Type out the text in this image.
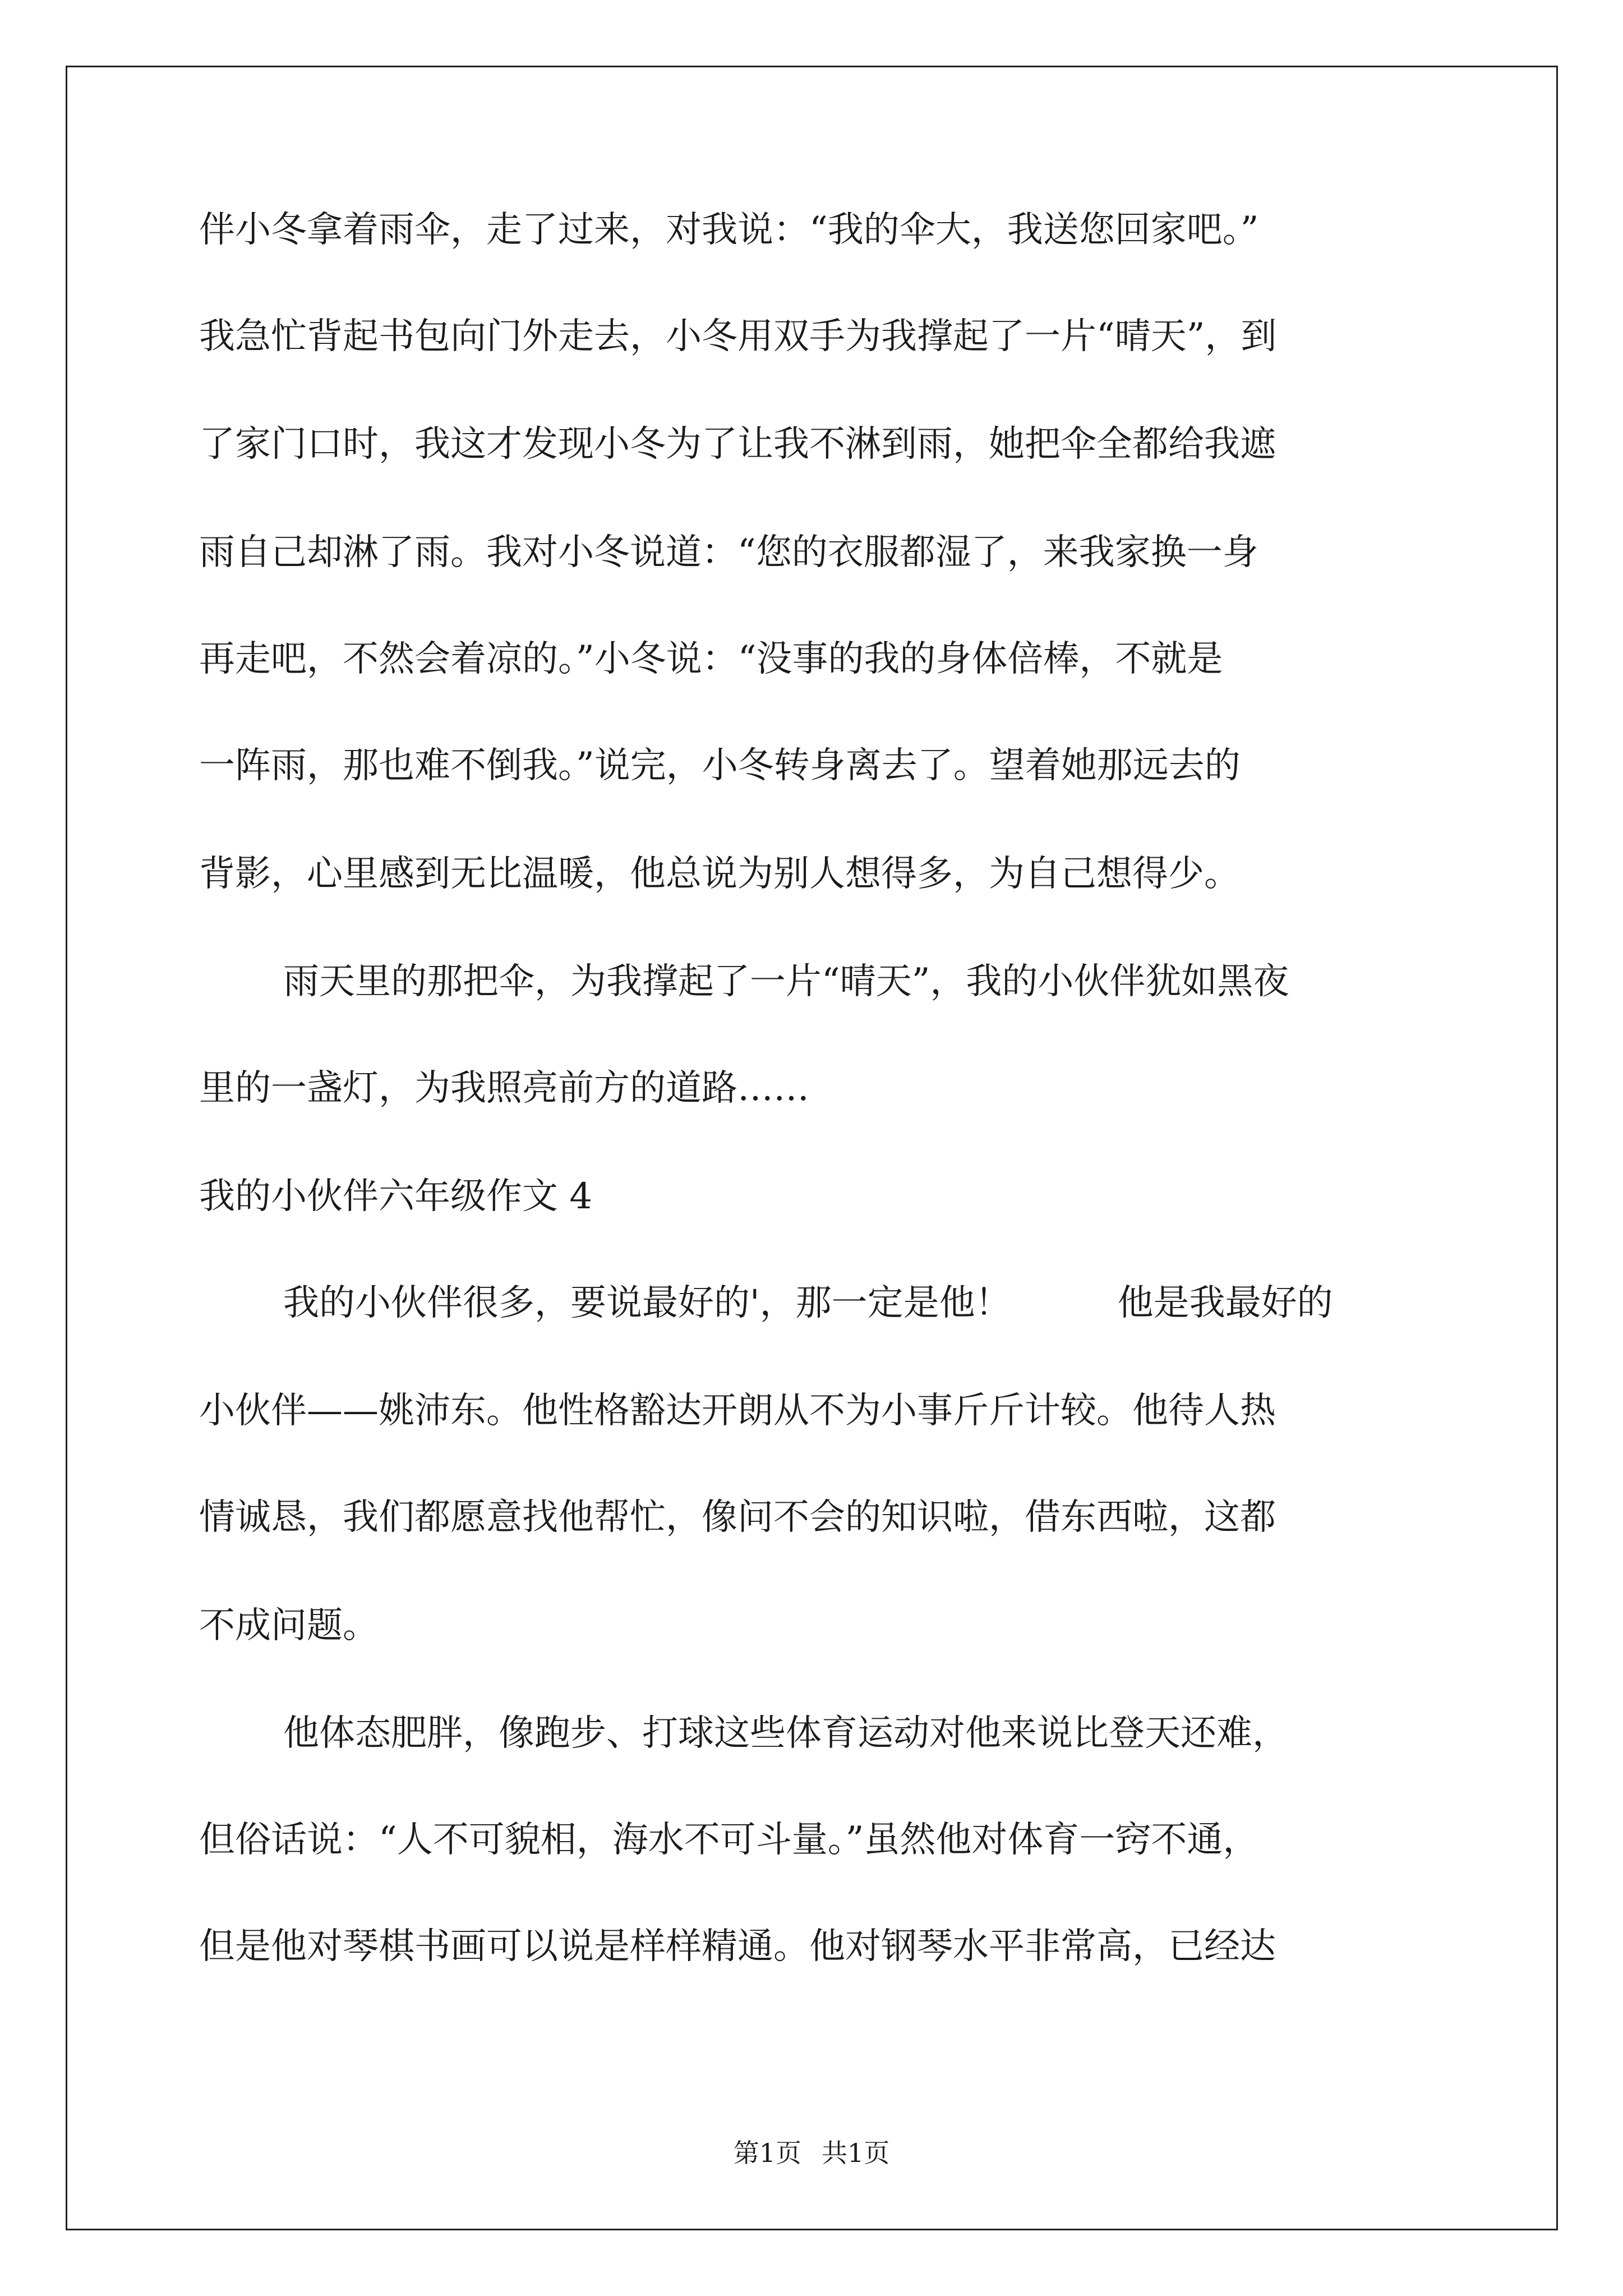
伴小冬拿着雨伞，走了过来，对我说：“我的伞大，我送您回家吧。”
我急忙背起书包向门外走去，小冬用双手为我撑起了一片“晴天”，到
了家门口时，我这才发现小冬为了让我不淋到雨，她把伞全都给我遮
雨自己却淋了雨。我对小冬说道：“您的衣服都湿了，来我家换一身
再走吧，不然会着凉的。”小冬说：“没事的我的身体倍棒，不就是
一阵雨，那也难不倒我。”说完，小冬转身离去了。望着她那远去的
背影，心里感到无比温暖，他总说为别人想得多，为自己想得少。
雨天里的那把伞，为我撑起了一片“晴天”，我的小伙伴犹如黑夜
里的一盏灯，为我照亮前方的道路……
我的小伙伴六年级作文 4
我的小伙伴很多，要说最好的'，那一定是他！	他是我最好的
小伙伴——姚沛东。他性格豁达开朗从不为小事斤斤计较。他待人热
情诚恳，我们都愿意找他帮忙，像问不会的知识啦，借东西啦，这都
不成问题。
他体态肥胖，像跑步、打球这些体育运动对他来说比登天还难，
但俗话说：“人不可貌相，海水不可斗量。”虽然他对体育一窍不通，
但是他对琴棋书画可以说是样样精通。他对钢琴水平非常高，已经达
第1页 共1页
